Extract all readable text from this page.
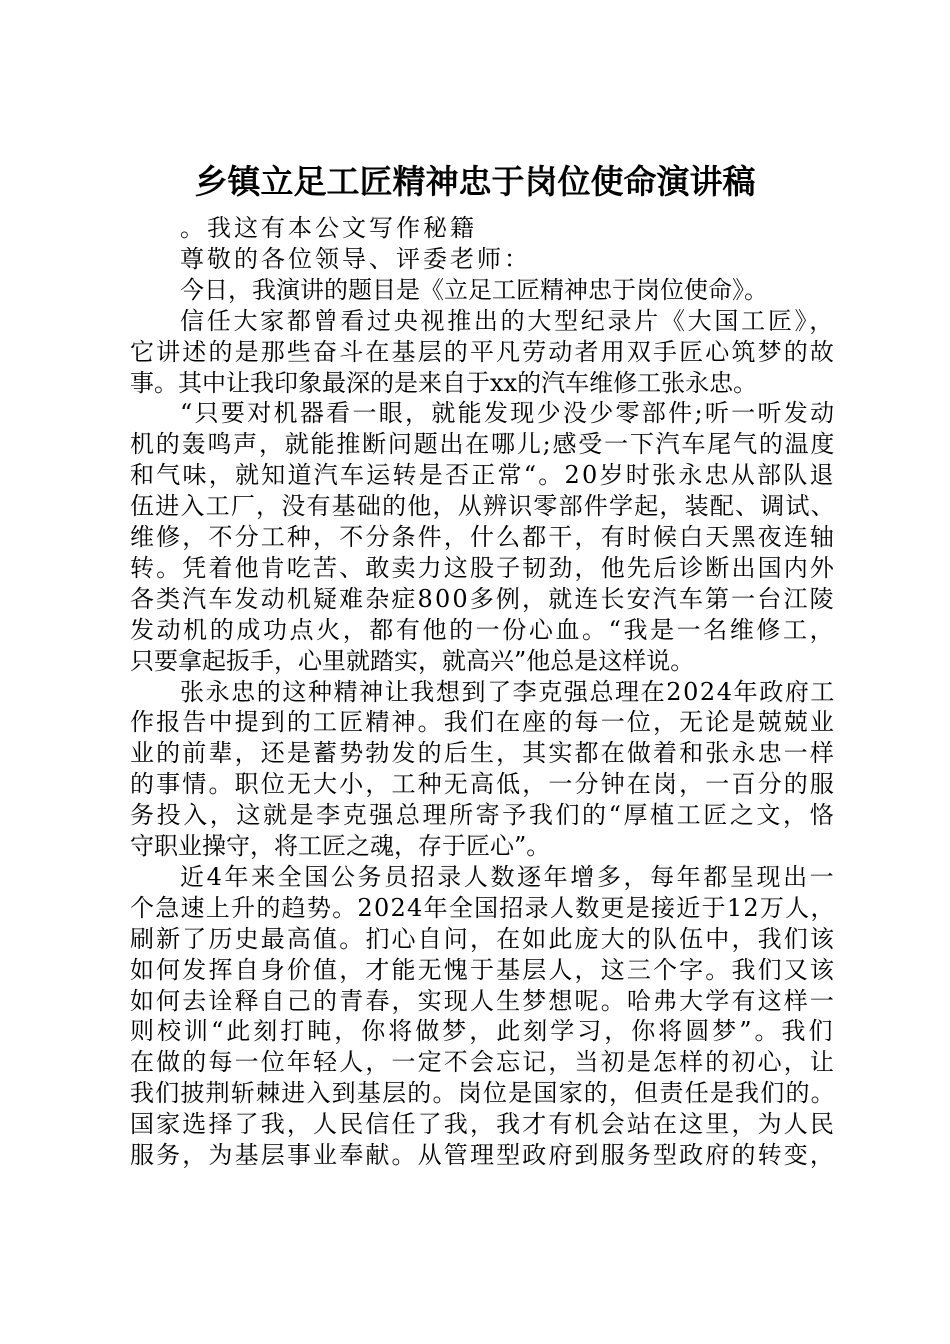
乡镇立足工匠精神忠于岗位使命演讲稿
。我这有本公文写作秘籍
尊敬的各位领导、评委老师：
今日，我演讲的题目是《立足工匠精神忠于岗位使命》。
信任大家都曾看过央视推出的大型纪录片《大国工匠》，
它讲述的是那些奋斗在基层的平凡劳动者用双手匠心筑梦的故
事。其中让我印象最深的是来自于xx的汽车维修工张永忠。
“只要对机器看一眼，就能发现少没少零部件;听一听发动
机的轰鸣声，就能推断问题出在哪儿;感受一下汽车尾气的温度
和气味，就知道汽车运转是否正常“。20岁时张永忠从部队退
伍进入工厂，没有基础的他，从辨识零部件学起，装配、调试、
维修，不分工种，不分条件，什么都干，有时候白天黑夜连轴
转。凭着他肯吃苦、敢卖力这股子韧劲，他先后诊断出国内外
各类汽车发动机疑难杂症800多例，就连长安汽车第一台江陵
发动机的成功点火，都有他的一份心血。“我是一名维修工，
只要拿起扳手，心里就踏实，就高兴”他总是这样说。
张永忠的这种精神让我想到了李克强总理在2024年政府工
作报告中提到的工匠精神。我们在座的每一位，无论是兢兢业
业的前辈，还是蓄势勃发的后生，其实都在做着和张永忠一样
的事情。职位无大小，工种无高低，一分钟在岗，一百分的服
务投入，这就是李克强总理所寄予我们的“厚植工匠之文，恪
守职业操守，将工匠之魂，存于匠心”。
近4年来全国公务员招录人数逐年增多，每年都呈现出一
个急速上升的趋势。2024年全国招录人数更是接近于12万人，
刷新了历史最高值。扪心自问，在如此庞大的队伍中，我们该
如何发挥自身价值，才能无愧于基层人，这三个字。我们又该
如何去诠释自己的青春，实现人生梦想呢。哈弗大学有这样一
则校训“此刻打盹，你将做梦，此刻学习，你将圆梦”。我们
在做的每一位年轻人，一定不会忘记，当初是怎样的初心，让
我们披荆斩棘进入到基层的。岗位是国家的，但责任是我们的。
国家选择了我，人民信任了我，我才有机会站在这里，为人民
服务，为基层事业奉献。从管理型政府到服务型政府的转变，
